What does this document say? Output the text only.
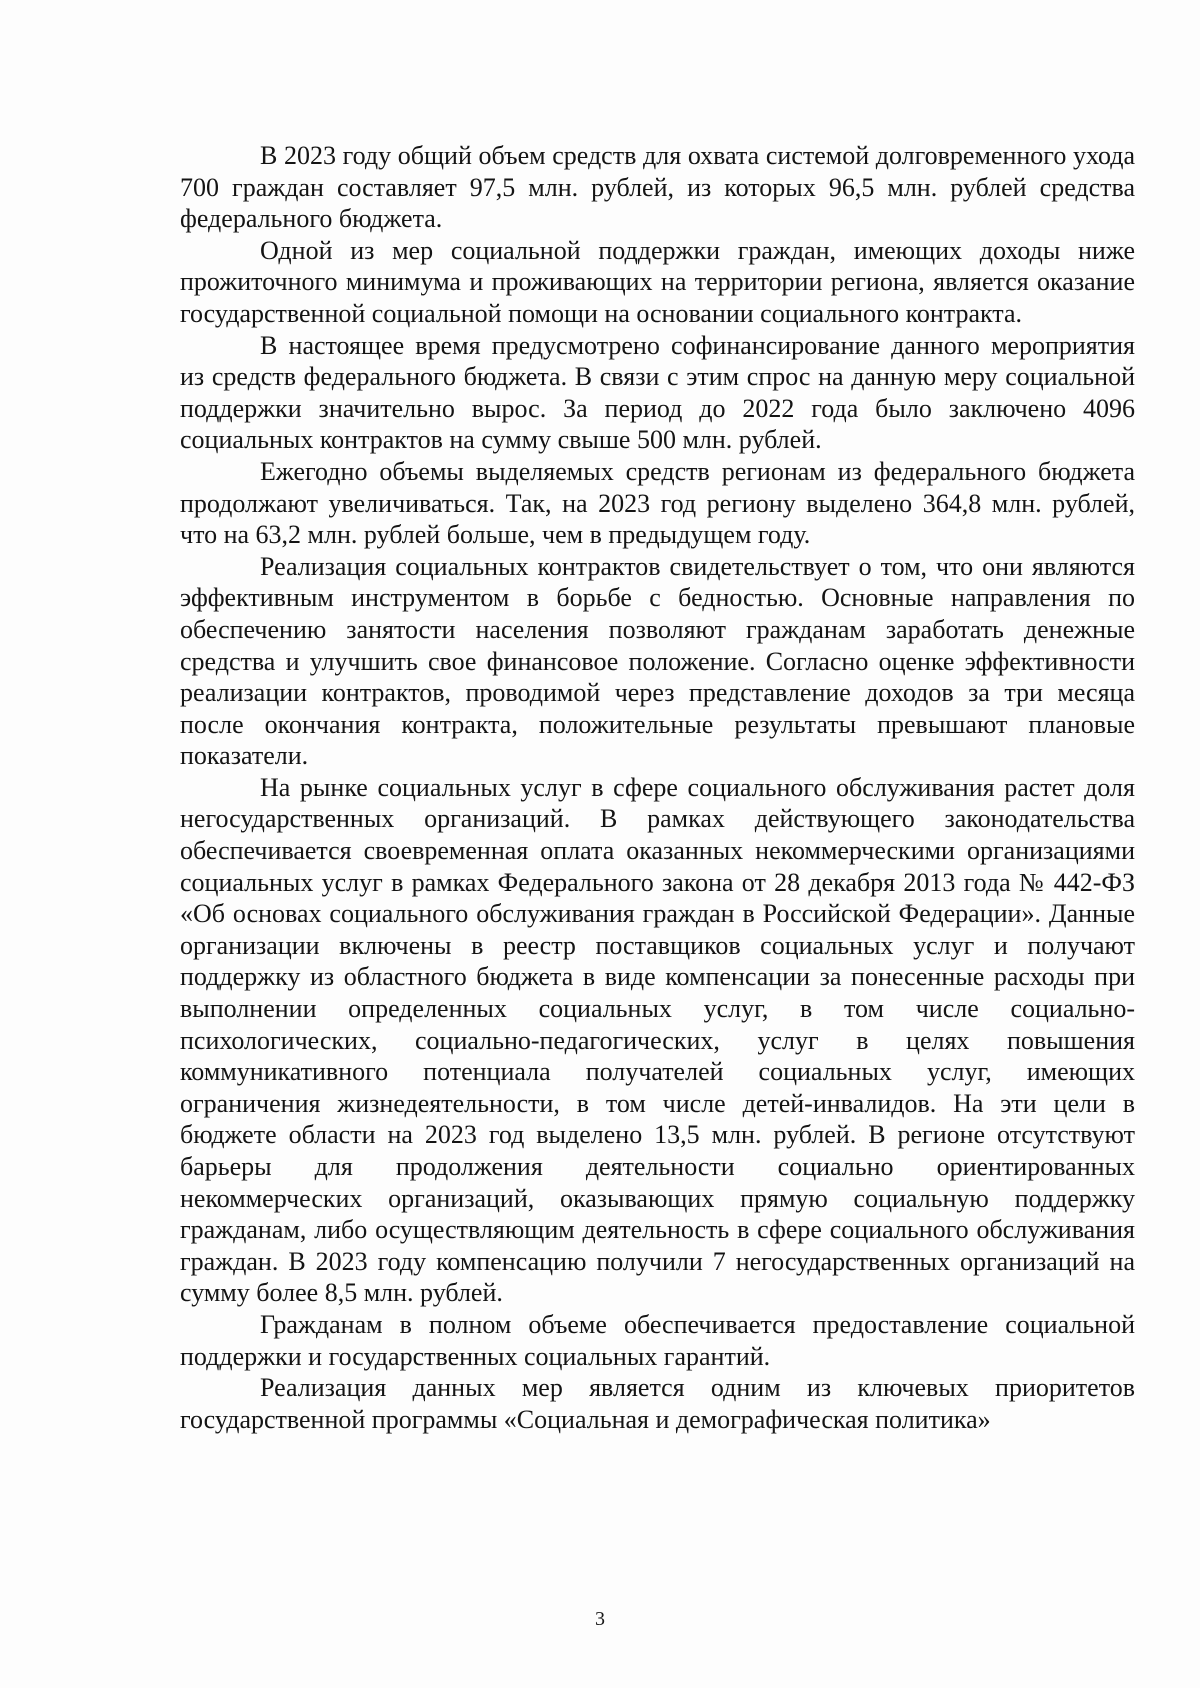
В 2023 году общий объем средств для охвата системой долговременного ухода 700 граждан составляет 97,5 млн. рублей, из которых 96,5 млн. рублей средства федерального бюджета.

Одной из мер социальной поддержки граждан, имеющих доходы ниже прожиточного минимума и проживающих на территории региона, является оказание государственной социальной помощи на основании социального контракта.

В настоящее время предусмотрено софинансирование данного мероприятия из средств федерального бюджета. В связи с этим спрос на данную меру социальной поддержки значительно вырос. За период до 2022 года было заключено 4096 социальных контрактов на сумму свыше 500 млн. рублей.

Ежегодно объемы выделяемых средств регионам из федерального бюджета продолжают увеличиваться. Так, на 2023 год региону выделено 364,8 млн. рублей, что на 63,2 млн. рублей больше, чем в предыдущем году.

Реализация социальных контрактов свидетельствует о том, что они являются эффективным инструментом в борьбе с бедностью. Основные направления по обеспечению занятости населения позволяют гражданам заработать денежные средства и улучшить свое финансовое положение. Согласно оценке эффективности реализации контрактов, проводимой через представление доходов за три месяца после окончания контракта, положительные результаты превышают плановые показатели.

На рынке социальных услуг в сфере социального обслуживания растет доля негосударственных организаций. В рамках действующего законодательства обеспечивается своевременная оплата оказанных некоммерческими организациями социальных услуг в рамках Федерального закона от 28 декабря 2013 года № 442-ФЗ «Об основах социального обслуживания граждан в Российской Федерации». Данные организации включены в реестр поставщиков социальных услуг и получают поддержку из областного бюджета в виде компенсации за понесенные расходы при выполнении определенных социальных услуг, в том числе социально-психологических, социально-педагогических, услуг в целях повышения коммуникативного потенциала получателей социальных услуг, имеющих ограничения жизнедеятельности, в том числе детей-инвалидов. На эти цели в бюджете области на 2023 год выделено 13,5 млн. рублей. В регионе отсутствуют барьеры для продолжения деятельности социально ориентированных некоммерческих организаций, оказывающих прямую социальную поддержку гражданам, либо осуществляющим деятельность в сфере социального обслуживания граждан. В 2023 году компенсацию получили 7 негосударственных организаций на сумму более 8,5 млн. рублей.

Гражданам в полном объеме обеспечивается предоставление социальной поддержки и государственных социальных гарантий.

Реализация данных мер является одним из ключевых приоритетов государственной программы «Социальная и демографическая политика»

3
